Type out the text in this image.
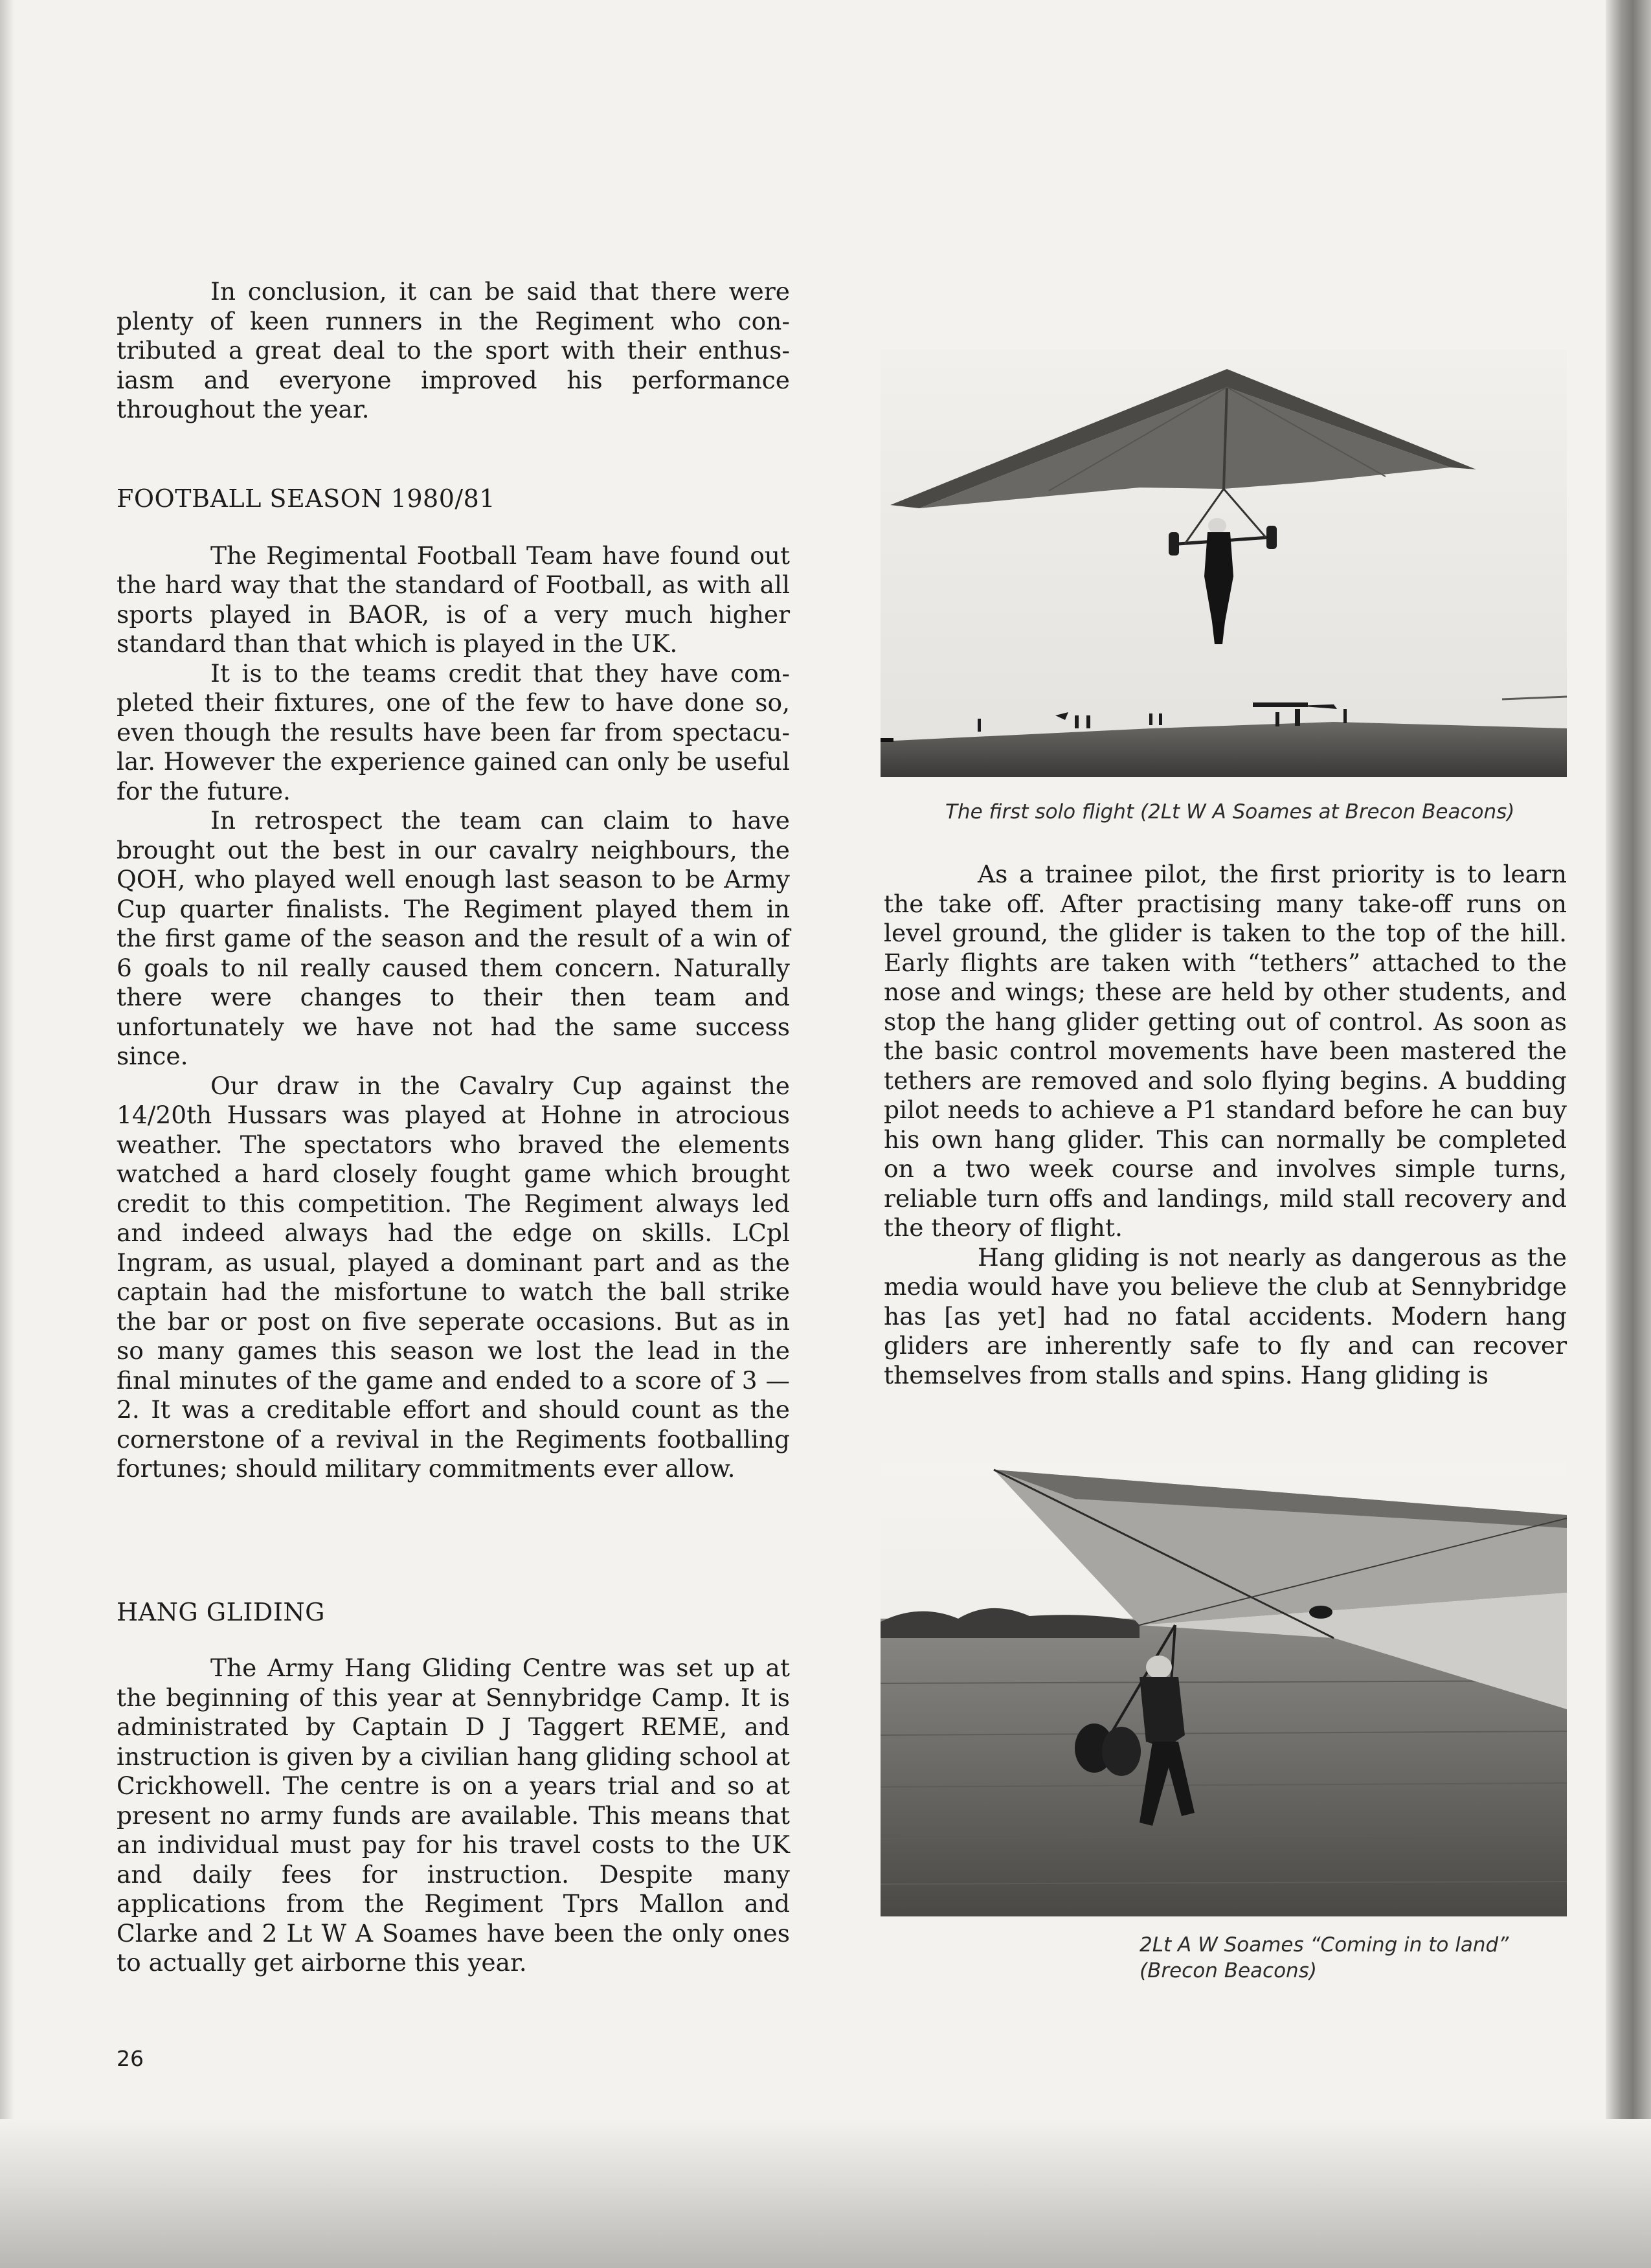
In conclusion, it can be said that there were plenty of keen runners in the Regiment who contributed a great deal to the sport with their enthusiasm and everyone improved his performance throughout the year.

FOOTBALL SEASON 1980/81

The Regimental Football Team have found out the hard way that the standard of Football, as with all sports played in BAOR, is of a very much higher standard than that which is played in the UK.

It is to the teams credit that they have completed their fixtures, one of the few to have done so, even though the results have been far from spectacular. However the experience gained can only be useful for the future.

In retrospect the team can claim to have brought out the best in our cavalry neighbours, the QOH, who played well enough last season to be Army Cup quarter finalists. The Regiment played them in the first game of the season and the result of a win of 6 goals to nil really caused them concern. Naturally there were changes to their then team and unfortunately we have not had the same success since.

Our draw in the Cavalry Cup against the 14/20th Hussars was played at Hohne in atrocious weather. The spectators who braved the elements watched a hard closely fought game which brought credit to this competition. The Regiment always led and indeed always had the edge on skills. LCpl Ingram, as usual, played a dominant part and as the captain had the misfortune to watch the ball strike the bar or post on five seperate occasions. But as in so many games this season we lost the lead in the final minutes of the game and ended to a score of 3 — 2. It was a creditable effort and should count as the cornerstone of a revival in the Regiments footballing fortunes; should military commitments ever allow.

HANG GLIDING

The Army Hang Gliding Centre was set up at the beginning of this year at Sennybridge Camp. It is administrated by Captain D J Taggert REME, and instruction is given by a civilian hang gliding school at Crickhowell. The centre is on a years trial and so at present no army funds are available. This means that an individual must pay for his travel costs to the UK and daily fees for instruction. Despite many applications from the Regiment Tprs Mallon and Clarke and 2 Lt W A Soames have been the only ones to actually get airborne this year.

26
The first solo flight (2Lt W A Soames at Brecon Beacons)

As a trainee pilot, the first priority is to learn the take off. After practising many take-off runs on level ground, the glider is taken to the top of the hill. Early flights are taken with “tethers” attached to the nose and wings; these are held by other students, and stop the hang glider getting out of control. As soon as the basic control movements have been mastered the tethers are removed and solo flying begins. A budding pilot needs to achieve a P1 standard before he can buy his own hang glider. This can normally be completed on a two week course and involves simple turns, reliable turn offs and landings, mild stall recovery and the theory of flight.

Hang gliding is not nearly as dangerous as the media would have you believe the club at Sennybridge has [as yet] had no fatal accidents. Modern hang gliders are inherently safe to fly and can recover themselves from stalls and spins. Hang gliding is

2Lt A W Soames “Coming in to land”
(Brecon Beacons)
